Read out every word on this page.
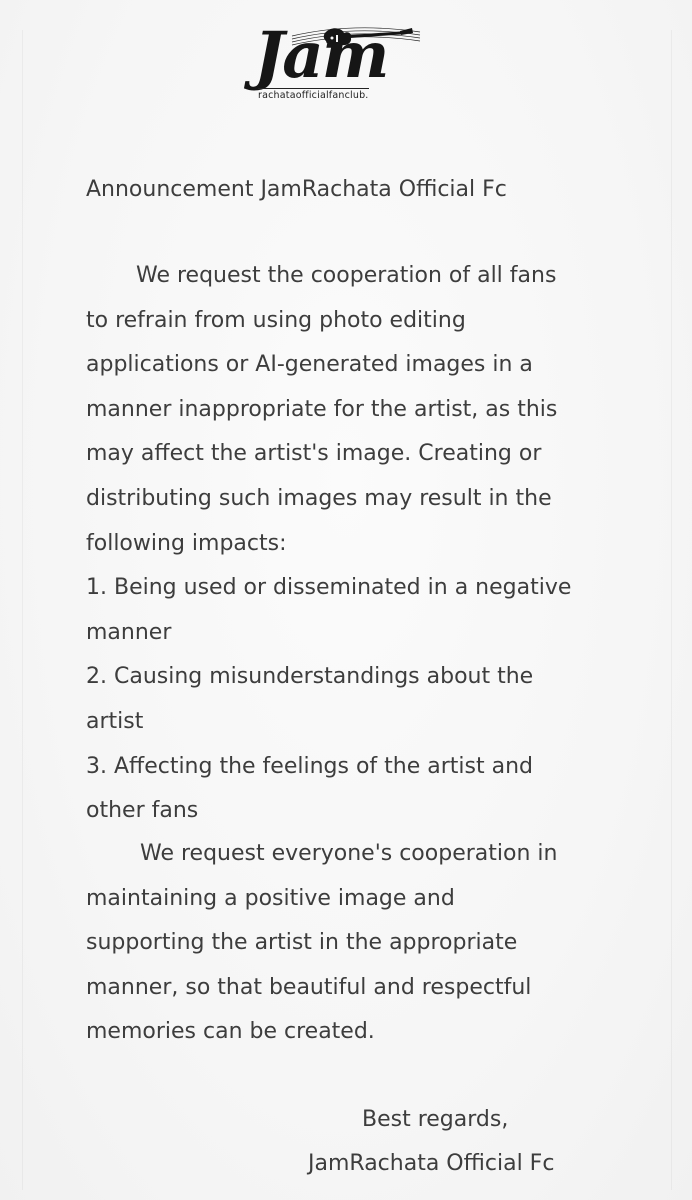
Jam
rachataofficialfanclub.
Announcement JamRachata Official Fc
We request the cooperation of all fans
to refrain from using photo editing
applications or AI-generated images in a
manner inappropriate for the artist, as this
may affect the artist's image. Creating or
distributing such images may result in the
following impacts:
1. Being used or disseminated in a negative
manner
2. Causing misunderstandings about the
artist
3. Affecting the feelings of the artist and
other fans
We request everyone's cooperation in
maintaining a positive image and
supporting the artist in the appropriate
manner, so that beautiful and respectful
memories can be created.
Best regards,
JamRachata Official Fc
